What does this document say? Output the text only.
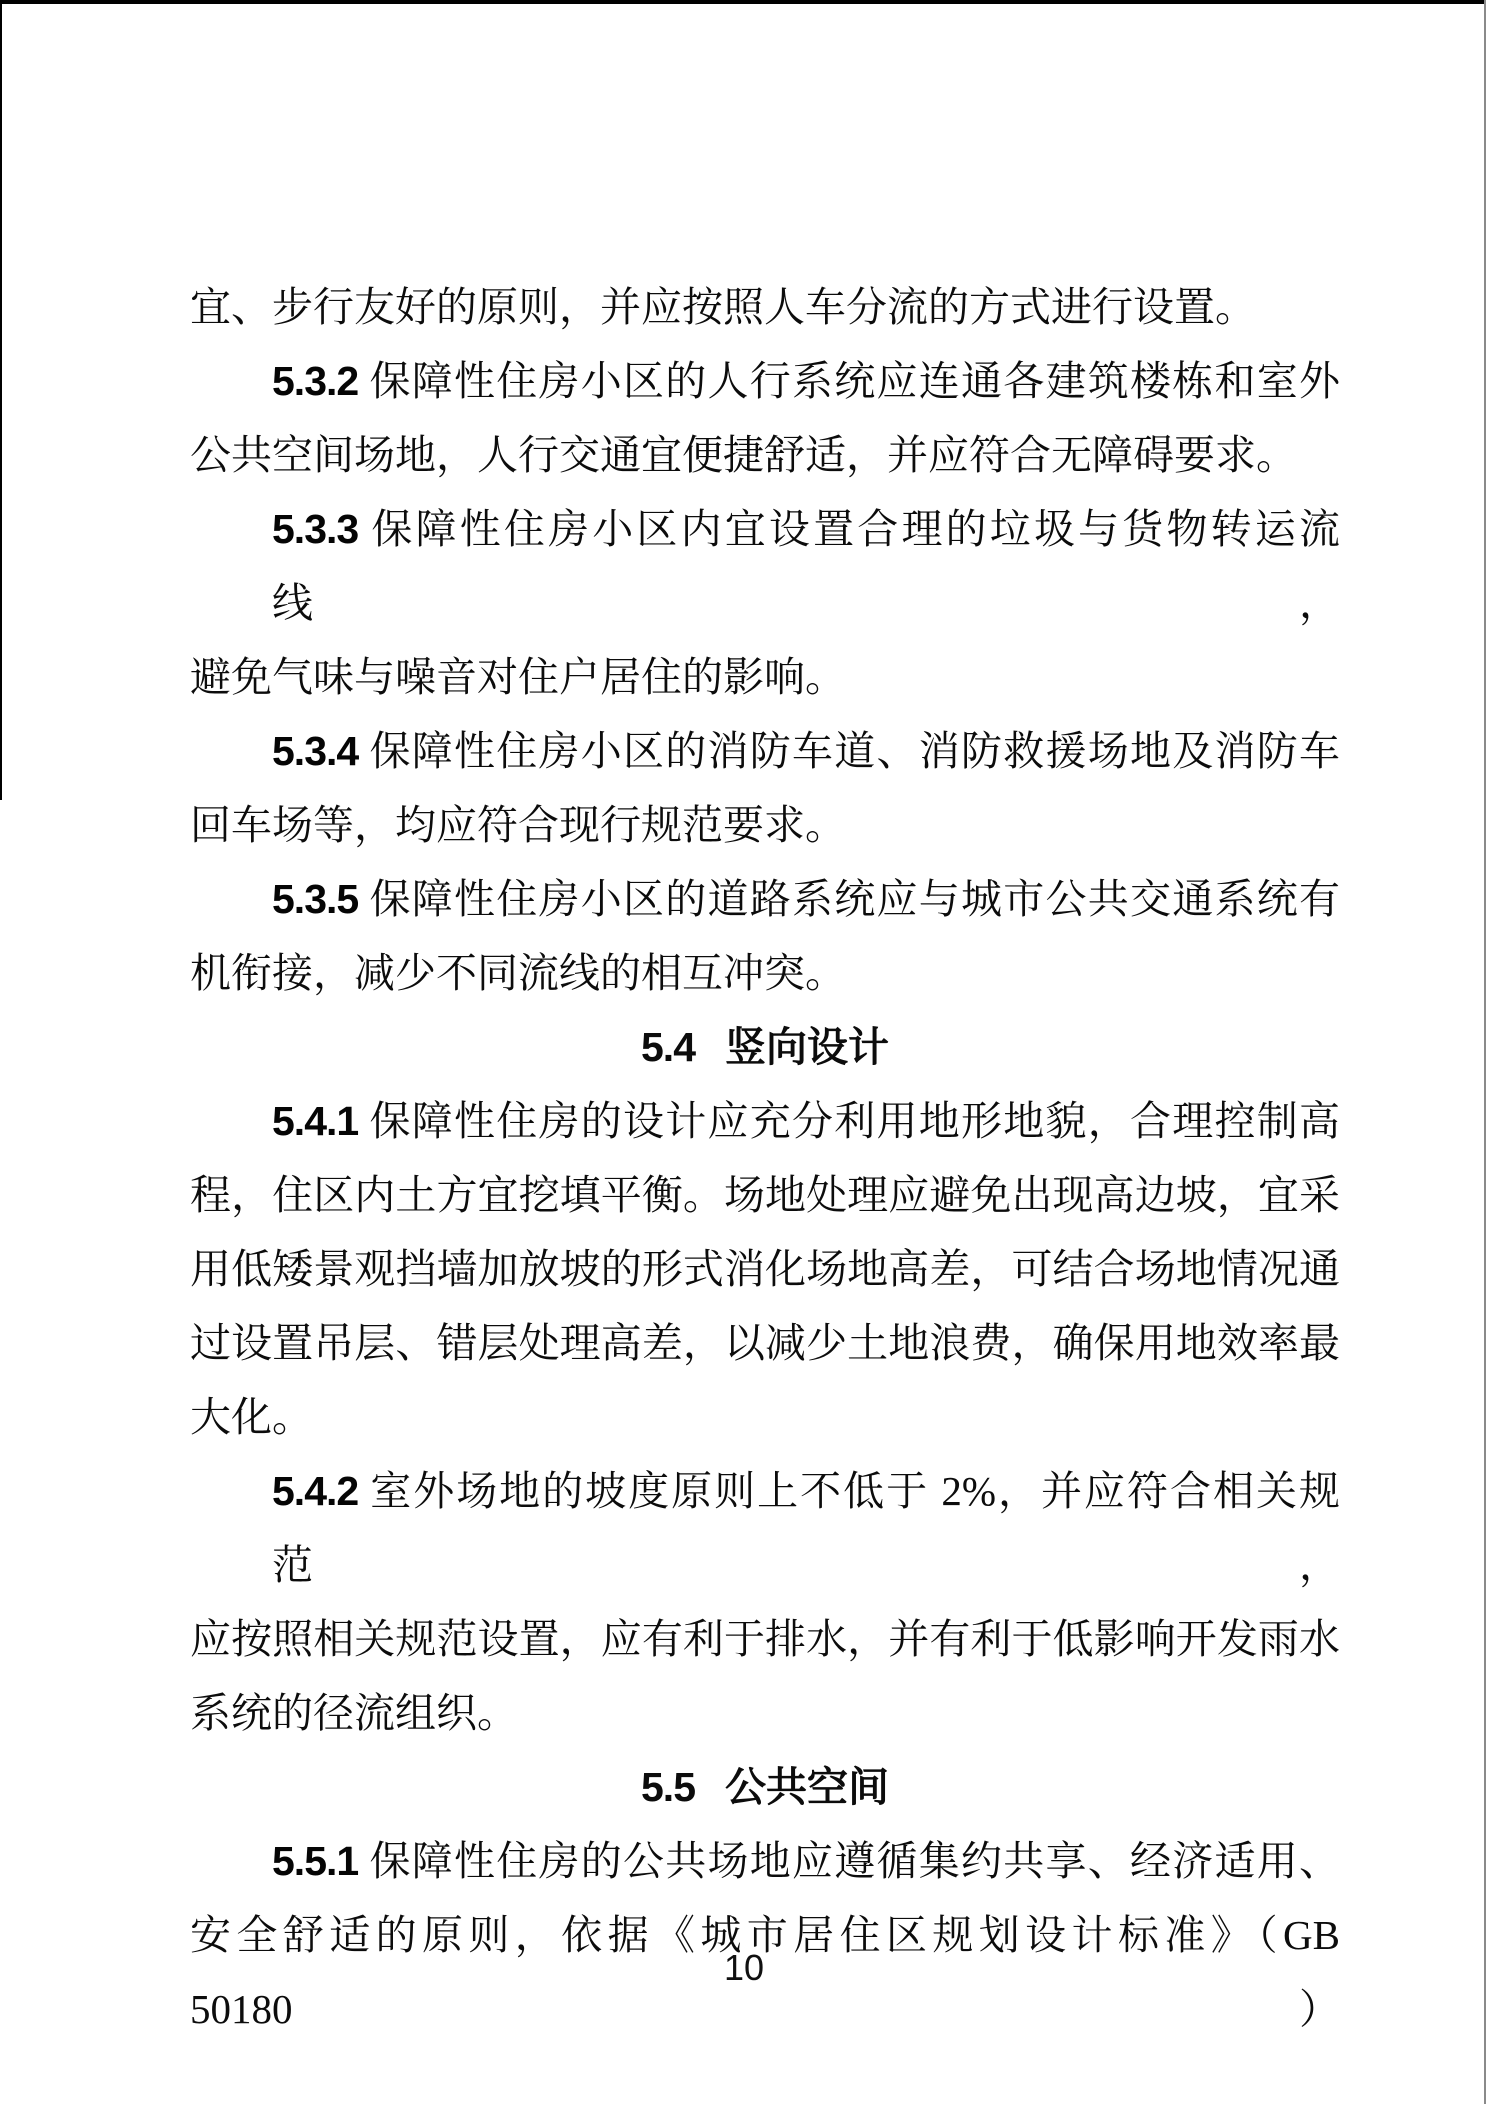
宜、步行友好的原则，并应按照人车分流的方式进行设置。
5.3.2 保障性住房小区的人行系统应连通各建筑楼栋和室外
公共空间场地，人行交通宜便捷舒适，并应符合无障碍要求。
5.3.3 保障性住房小区内宜设置合理的垃圾与货物转运流线，
避免气味与噪音对住户居住的影响。
5.3.4 保障性住房小区的消防车道、消防救援场地及消防车
回车场等，均应符合现行规范要求。
5.3.5 保障性住房小区的道路系统应与城市公共交通系统有
机衔接，减少不同流线的相互冲突。
5.4 竖向设计
5.4.1 保障性住房的设计应充分利用地形地貌，合理控制高
程，住区内土方宜挖填平衡。场地处理应避免出现高边坡，宜采
用低矮景观挡墙加放坡的形式消化场地高差，可结合场地情况通
过设置吊层、错层处理高差，以减少土地浪费，确保用地效率最
大化。
5.4.2 室外场地的坡度原则上不低于 2%，并应符合相关规范，
应按照相关规范设置，应有利于排水，并有利于低影响开发雨水
系统的径流组织。
5.5 公共空间
5.5.1 保障性住房的公共场地应遵循集约共享、经济适用、
安全舒适的原则，依据《城市居住区规划设计标准》（GB 50180）
10
